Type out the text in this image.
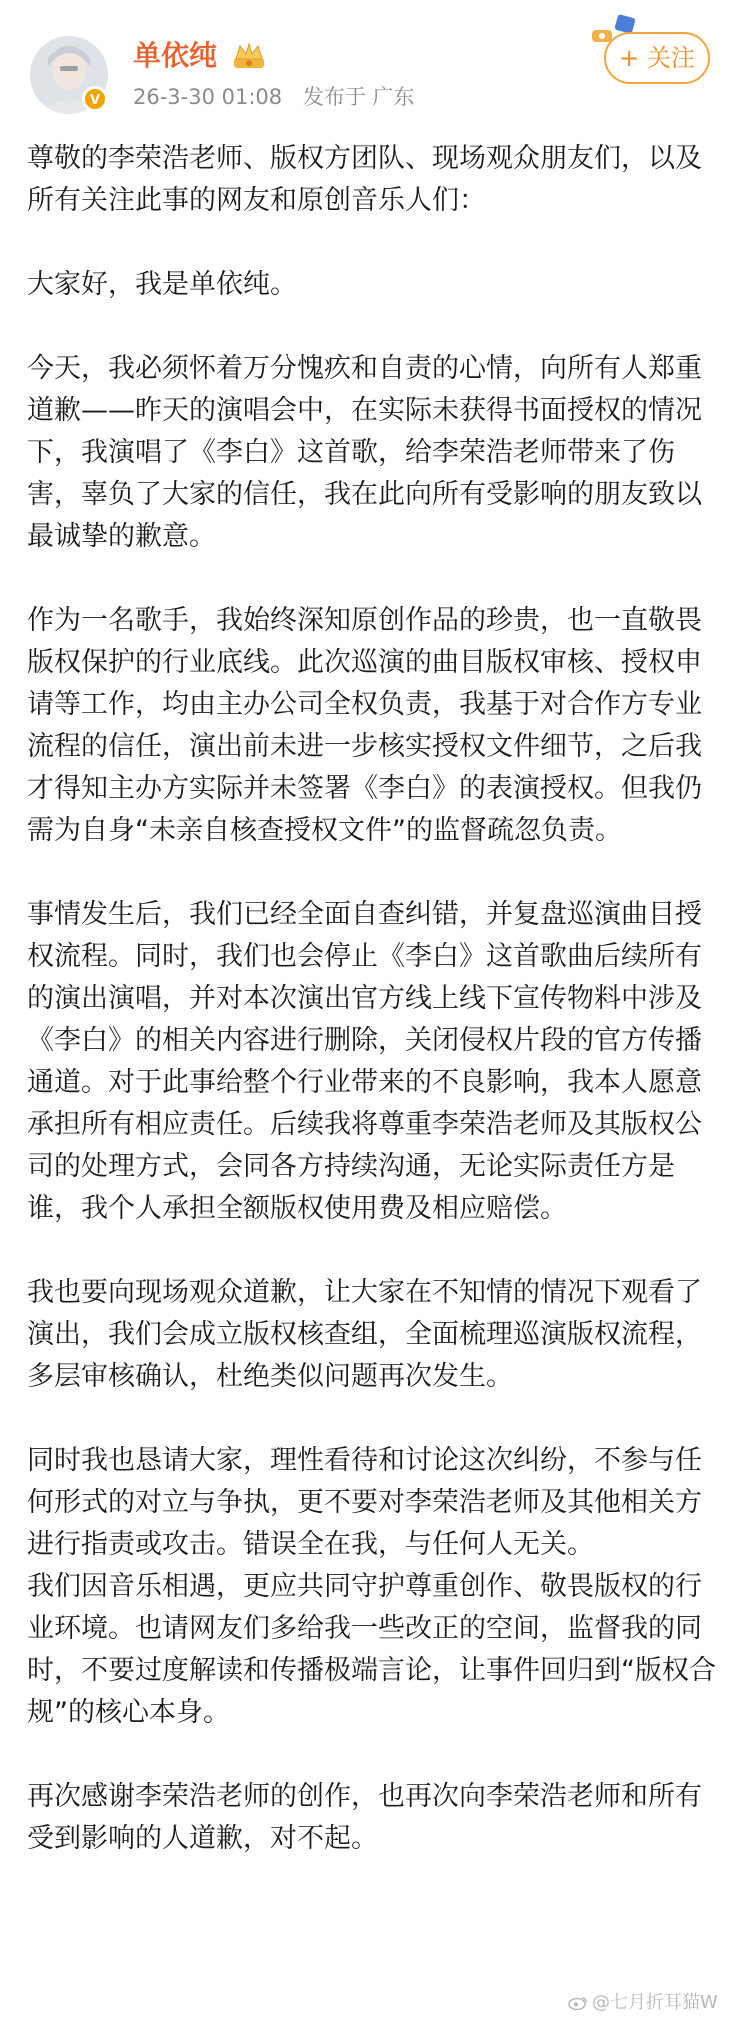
V
单依纯
26-3-30 01:08 发布于 广东
+ 关注

尊敬的李荣浩老师、版权方团队、现场观众朋友们，以及所有关注此事的网友和原创音乐人们：

大家好，我是单依纯。

今天，我必须怀着万分愧疚和自责的心情，向所有人郑重道歉——昨天的演唱会中，在实际未获得书面授权的情况下，我演唱了《李白》这首歌，给李荣浩老师带来了伤害，辜负了大家的信任，我在此向所有受影响的朋友致以最诚挚的歉意。

作为一名歌手，我始终深知原创作品的珍贵，也一直敬畏版权保护的行业底线。此次巡演的曲目版权审核、授权申请等工作，均由主办公司全权负责，我基于对合作方专业流程的信任，演出前未进一步核实授权文件细节，之后我才得知主办方实际并未签署《李白》的表演授权。但我仍需为自身“未亲自核查授权文件”的监督疏忽负责。

事情发生后，我们已经全面自查纠错，并复盘巡演曲目授权流程。同时，我们也会停止《李白》这首歌曲后续所有的演出演唱，并对本次演出官方线上线下宣传物料中涉及《李白》的相关内容进行删除，关闭侵权片段的官方传播通道。对于此事给整个行业带来的不良影响，我本人愿意承担所有相应责任。后续我将尊重李荣浩老师及其版权公司的处理方式，会同各方持续沟通，无论实际责任方是谁，我个人承担全额版权使用费及相应赔偿。

我也要向现场观众道歉，让大家在不知情的情况下观看了演出，我们会成立版权核查组，全面梳理巡演版权流程，多层审核确认，杜绝类似问题再次发生。

同时我也恳请大家，理性看待和讨论这次纠纷，不参与任何形式的对立与争执，更不要对李荣浩老师及其他相关方进行指责或攻击。错误全在我，与任何人无关。

我们因音乐相遇，更应共同守护尊重创作、敬畏版权的行业环境。也请网友们多给我一些改正的空间，监督我的同时，不要过度解读和传播极端言论，让事件回归到“版权合规”的核心本身。

再次感谢李荣浩老师的创作，也再次向李荣浩老师和所有受到影响的人道歉，对不起。

@七月折耳猫W
